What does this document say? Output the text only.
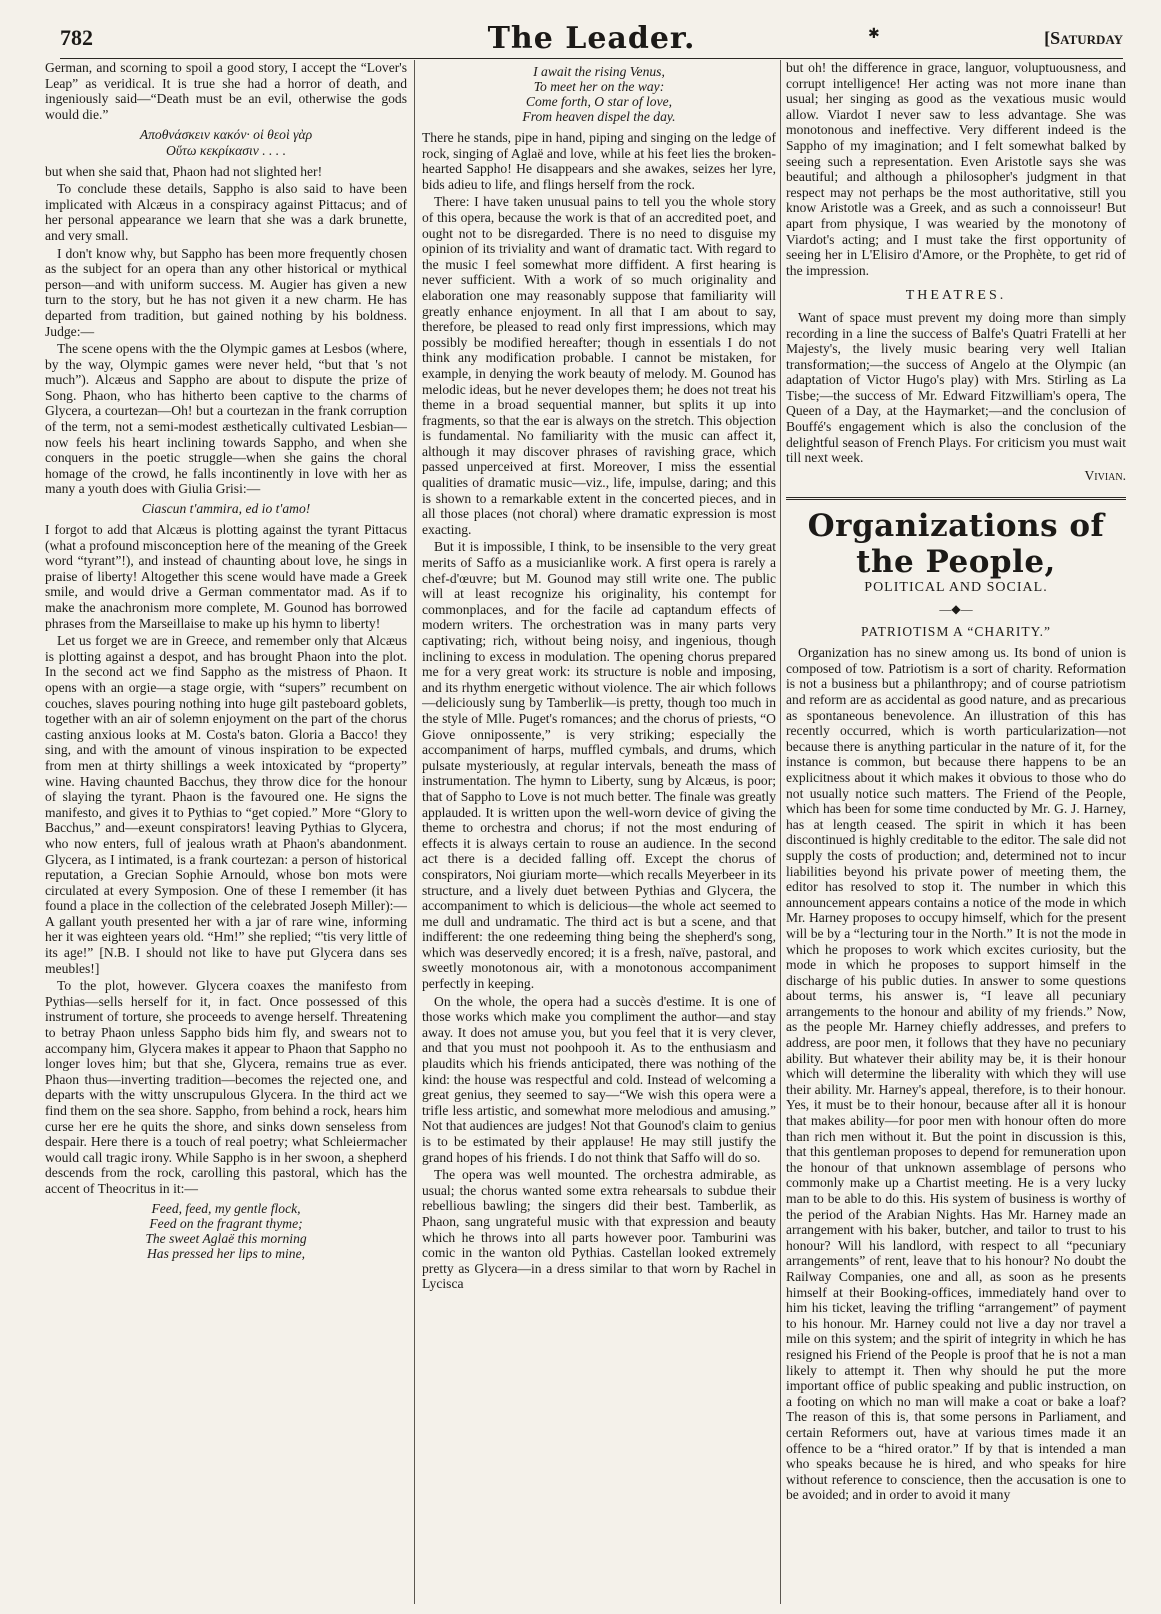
782	The Leader.	✱	[Saturday

German, and scorning to spoil a good story, I accept the “Lover's Leap” as veridical. It is true she had a horror of death, and ingeniously said—“Death must be an evil, otherwise the gods would die.”

Αποθνάσκειν κακόν· οἱ θεοὶ γὰρ
Οὕτω κεκρίκασιν . . . .

but when she said that, Phaon had not slighted her!

To conclude these details, Sappho is also said to have been implicated with Alcæus in a conspiracy against Pittacus; and of her personal appearance we learn that she was a dark brunette, and very small.

I don't know why, but Sappho has been more frequently chosen as the subject for an opera than any other historical or mythical person—and with uniform success. M. Augier has given a new turn to the story, but he has not given it a new charm. He has departed from tradition, but gained nothing by his boldness. Judge:—

The scene opens with the the Olympic games at Lesbos (where, by the way, Olympic games were never held, “but that 's not much”). Alcæus and Sappho are about to dispute the prize of Song. Phaon, who has hitherto been captive to the charms of Glycera, a courtezan—Oh! but a courtezan in the frank corruption of the term, not a semi-modest æsthetically cultivated Lesbian—now feels his heart inclining towards Sappho, and when she conquers in the poetic struggle—when she gains the choral homage of the crowd, he falls incontinently in love with her as many a youth does with Giulia Grisi:—

Ciascun t'ammira, ed io t'amo!

I forgot to add that Alcæus is plotting against the tyrant Pittacus (what a profound misconception here of the meaning of the Greek word “tyrant”!), and instead of chaunting about love, he sings in praise of liberty! Altogether this scene would have made a Greek smile, and would drive a German commentator mad. As if to make the anachronism more complete, M. Gounod has borrowed phrases from the Marseillaise to make up his hymn to liberty!

Let us forget we are in Greece, and remember only that Alcæus is plotting against a despot, and has brought Phaon into the plot. In the second act we find Sappho as the mistress of Phaon. It opens with an orgie—a stage orgie, with “supers” recumbent on couches, slaves pouring nothing into huge gilt pasteboard goblets, together with an air of solemn enjoyment on the part of the chorus casting anxious looks at M. Costa's baton. Gloria a Bacco! they sing, and with the amount of vinous inspiration to be expected from men at thirty shillings a week intoxicated by “property” wine. Having chaunted Bacchus, they throw dice for the honour of slaying the tyrant. Phaon is the favoured one. He signs the manifesto, and gives it to Pythias to “get copied.” More “Glory to Bacchus,” and—exeunt conspirators! leaving Pythias to Glycera, who now enters, full of jealous wrath at Phaon's abandonment. Glycera, as I intimated, is a frank courtezan: a person of historical reputation, a Grecian Sophie Arnould, whose bon mots were circulated at every Symposion. One of these I remember (it has found a place in the collection of the celebrated Joseph Miller):—A gallant youth presented her with a jar of rare wine, informing her it was eighteen years old. “Hm!” she replied; “'tis very little of its age!” [N.B. I should not like to have put Glycera dans ses meubles!]

To the plot, however. Glycera coaxes the manifesto from Pythias—sells herself for it, in fact. Once possessed of this instrument of torture, she proceeds to avenge herself. Threatening to betray Phaon unless Sappho bids him fly, and swears not to accompany him, Glycera makes it appear to Phaon that Sappho no longer loves him; but that she, Glycera, remains true as ever. Phaon thus—inverting tradition—becomes the rejected one, and departs with the witty unscrupulous Glycera. In the third act we find them on the sea shore. Sappho, from behind a rock, hears him curse her ere he quits the shore, and sinks down senseless from despair. Here there is a touch of real poetry; what Schleiermacher would call tragic irony. While Sappho is in her swoon, a shepherd descends from the rock, carolling this pastoral, which has the accent of Theocritus in it:—

Feed, feed, my gentle flock,
Feed on the fragrant thyme;
The sweet Aglaë this morning
Has pressed her lips to mine,
I await the rising Venus,
To meet her on the way:
Come forth, O star of love,
From heaven dispel the day.

There he stands, pipe in hand, piping and singing on the ledge of rock, singing of Aglaë and love, while at his feet lies the broken-hearted Sappho! He disappears and she awakes, seizes her lyre, bids adieu to life, and flings herself from the rock.

There: I have taken unusual pains to tell you the whole story of this opera, because the work is that of an accredited poet, and ought not to be disregarded. There is no need to disguise my opinion of its triviality and want of dramatic tact. With regard to the music I feel somewhat more diffident. A first hearing is never sufficient. With a work of so much originality and elaboration one may reasonably suppose that familiarity will greatly enhance enjoyment. In all that I am about to say, therefore, be pleased to read only first impressions, which may possibly be modified hereafter; though in essentials I do not think any modification probable. I cannot be mistaken, for example, in denying the work beauty of melody. M. Gounod has melodic ideas, but he never developes them; he does not treat his theme in a broad sequential manner, but splits it up into fragments, so that the ear is always on the stretch. This objection is fundamental. No familiarity with the music can affect it, although it may discover phrases of ravishing grace, which passed unperceived at first. Moreover, I miss the essential qualities of dramatic music—viz., life, impulse, daring; and this is shown to a remarkable extent in the concerted pieces, and in all those places (not choral) where dramatic expression is most exacting.

But it is impossible, I think, to be insensible to the very great merits of Saffo as a musicianlike work. A first opera is rarely a chef-d'œuvre; but M. Gounod may still write one. The public will at least recognize his originality, his contempt for commonplaces, and for the facile ad captandum effects of modern writers. The orchestration was in many parts very captivating; rich, without being noisy, and ingenious, though inclining to excess in modulation. The opening chorus prepared me for a very great work: its structure is noble and imposing, and its rhythm energetic without violence. The air which follows—deliciously sung by Tamberlik—is pretty, though too much in the style of Mlle. Puget's romances; and the chorus of priests, “O Giove onnipossente,” is very striking; especially the accompaniment of harps, muffled cymbals, and drums, which pulsate mysteriously, at regular intervals, beneath the mass of instrumentation. The hymn to Liberty, sung by Alcæus, is poor; that of Sappho to Love is not much better. The finale was greatly applauded. It is written upon the well-worn device of giving the theme to orchestra and chorus; if not the most enduring of effects it is always certain to rouse an audience. In the second act there is a decided falling off. Except the chorus of conspirators, Noi giuriam morte—which recalls Meyerbeer in its structure, and a lively duet between Pythias and Glycera, the accompaniment to which is delicious—the whole act seemed to me dull and undramatic. The third act is but a scene, and that indifferent: the one redeeming thing being the shepherd's song, which was deservedly encored; it is a fresh, naïve, pastoral, and sweetly monotonous air, with a monotonous accompaniment perfectly in keeping.

On the whole, the opera had a succès d'estime. It is one of those works which make you compliment the author—and stay away. It does not amuse you, but you feel that it is very clever, and that you must not poohpooh it. As to the enthusiasm and plaudits which his friends anticipated, there was nothing of the kind: the house was respectful and cold. Instead of welcoming a great genius, they seemed to say—“We wish this opera were a trifle less artistic, and somewhat more melodious and amusing.” Not that audiences are judges! Not that Gounod's claim to genius is to be estimated by their applause! He may still justify the grand hopes of his friends. I do not think that Saffo will do so.

The opera was well mounted. The orchestra admirable, as usual; the chorus wanted some extra rehearsals to subdue their rebellious bawling; the singers did their best. Tamberlik, as Phaon, sang ungrateful music with that expression and beauty which he throws into all parts however poor. Tamburini was comic in the wanton old Pythias. Castellan looked extremely pretty as Glycera—in a dress similar to that worn by Rachel in Lycisca

but oh! the difference in grace, languor, voluptuousness, and corrupt intelligence! Her acting was not more inane than usual; her singing as good as the vexatious music would allow. Viardot I never saw to less advantage. She was monotonous and ineffective. Very different indeed is the Sappho of my imagination; and I felt somewhat balked by seeing such a representation. Even Aristotle says she was beautiful; and although a philosopher's judgment in that respect may not perhaps be the most authoritative, still you know Aristotle was a Greek, and as such a connoisseur! But apart from physique, I was wearied by the monotony of Viardot's acting; and I must take the first opportunity of seeing her in L'Elisiro d'Amore, or the Prophète, to get rid of the impression.

THEATRES.

Want of space must prevent my doing more than simply recording in a line the success of Balfe's Quatri Fratelli at her Majesty's, the lively music bearing very well Italian transformation;—the success of Angelo at the Olympic (an adaptation of Victor Hugo's play) with Mrs. Stirling as La Tisbe;—the success of Mr. Edward Fitzwilliam's opera, The Queen of a Day, at the Haymarket;—and the conclusion of Bouffé's engagement which is also the conclusion of the delightful season of French Plays. For criticism you must wait till next week.

Vivian.
Organizations of the People,
POLITICAL AND SOCIAL.
—◆—
PATRIOTISM A “CHARITY.”

Organization has no sinew among us. Its bond of union is composed of tow. Patriotism is a sort of charity. Reformation is not a business but a philanthropy; and of course patriotism and reform are as accidental as good nature, and as precarious as spontaneous benevolence. An illustration of this has recently occurred, which is worth particularization—not because there is anything particular in the nature of it, for the instance is common, but because there happens to be an explicitness about it which makes it obvious to those who do not usually notice such matters. The Friend of the People, which has been for some time conducted by Mr. G. J. Harney, has at length ceased. The spirit in which it has been discontinued is highly creditable to the editor. The sale did not supply the costs of production; and, determined not to incur liabilities beyond his private power of meeting them, the editor has resolved to stop it. The number in which this announcement appears contains a notice of the mode in which Mr. Harney proposes to occupy himself, which for the present will be by a “lecturing tour in the North.” It is not the mode in which he proposes to work which excites curiosity, but the mode in which he proposes to support himself in the discharge of his public duties. In answer to some questions about terms, his answer is, “I leave all pecuniary arrangements to the honour and ability of my friends.” Now, as the people Mr. Harney chiefly addresses, and prefers to address, are poor men, it follows that they have no pecuniary ability. But whatever their ability may be, it is their honour which will determine the liberality with which they will use their ability. Mr. Harney's appeal, therefore, is to their honour. Yes, it must be to their honour, because after all it is honour that makes ability—for poor men with honour often do more than rich men without it. But the point in discussion is this, that this gentleman proposes to depend for remuneration upon the honour of that unknown assemblage of persons who commonly make up a Chartist meeting. He is a very lucky man to be able to do this. His system of business is worthy of the period of the Arabian Nights. Has Mr. Harney made an arrangement with his baker, butcher, and tailor to trust to his honour? Will his landlord, with respect to all “pecuniary arrangements” of rent, leave that to his honour? No doubt the Railway Companies, one and all, as soon as he presents himself at their Booking-offices, immediately hand over to him his ticket, leaving the trifling “arrangement” of payment to his honour. Mr. Harney could not live a day nor travel a mile on this system; and the spirit of integrity in which he has resigned his Friend of the People is proof that he is not a man likely to attempt it. Then why should he put the more important office of public speaking and public instruction, on a footing on which no man will make a coat or bake a loaf? The reason of this is, that some persons in Parliament, and certain Reformers out, have at various times made it an offence to be a “hired orator.” If by that is intended a man who speaks because he is hired, and who speaks for hire without reference to conscience, then the accusation is one to be avoided; and in order to avoid it many
